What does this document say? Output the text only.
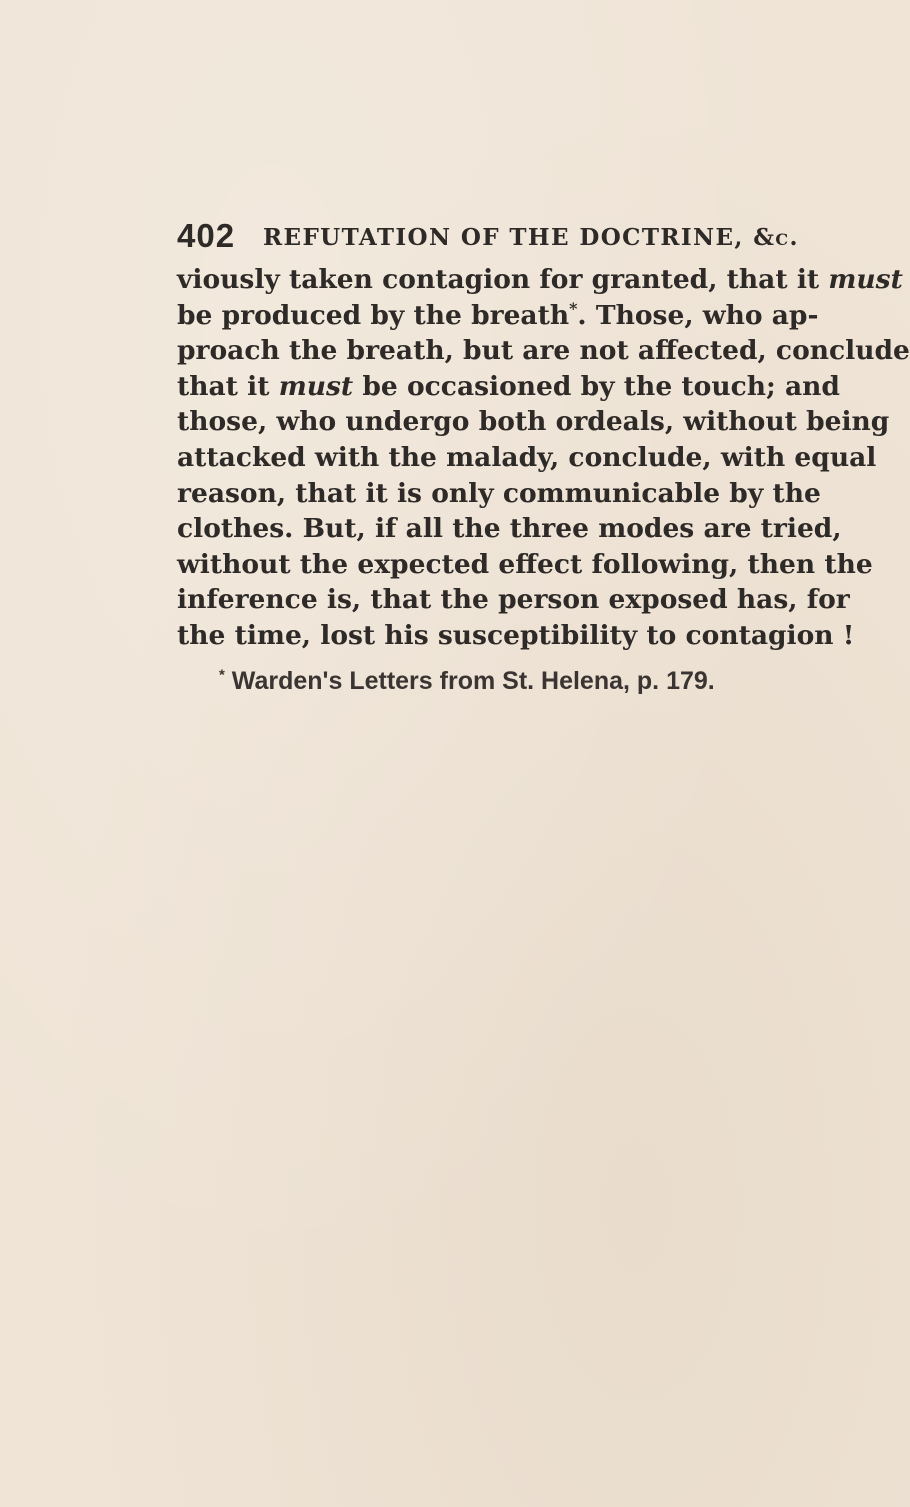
402 REFUTATION OF THE DOCTRINE, &c.

viously taken contagion for granted, that it must
be produced by the breath*. Those, who ap-
proach the breath, but are not affected, conclude
that it must be occasioned by the touch; and
those, who undergo both ordeals, without being
attacked with the malady, conclude, with equal
reason, that it is only communicable by the
clothes. But, if all the three modes are tried,
without the expected effect following, then the
inference is, that the person exposed has, for
the time, lost his susceptibility to contagion !

* Warden's Letters from St. Helena, p. 179.
